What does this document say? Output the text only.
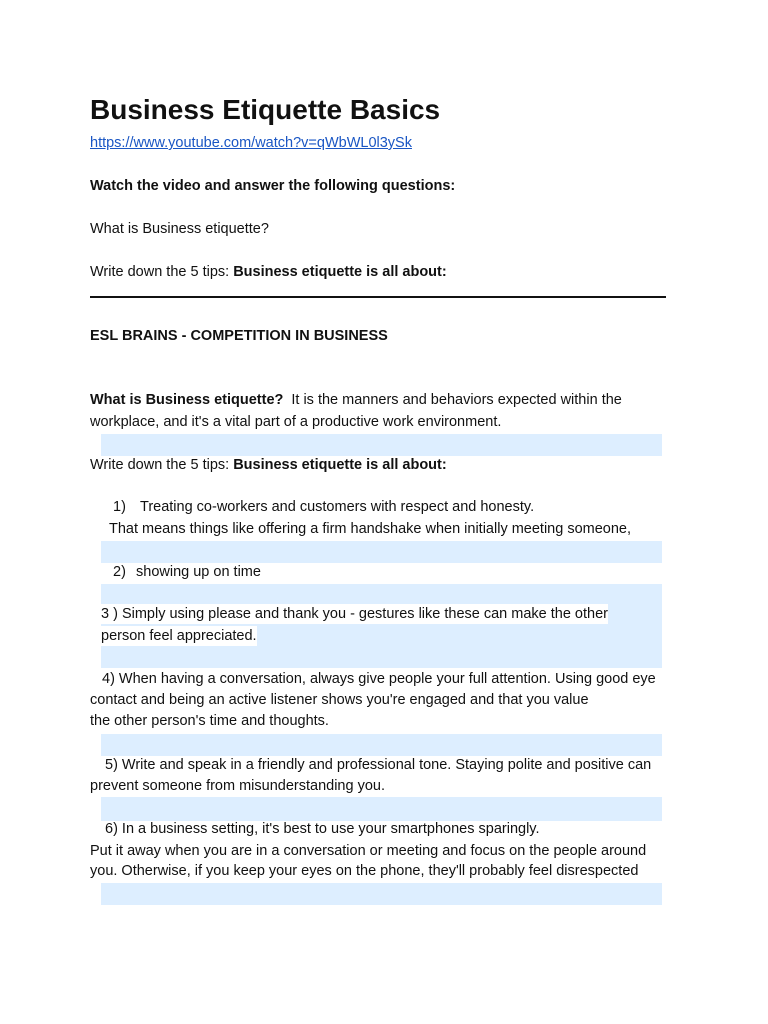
Business Etiquette Basics
https://www.youtube.com/watch?v=qWbWL0l3ySk
Watch the video and answer the following questions:
What is Business etiquette?
Write down the 5 tips: Business etiquette is all about:
ESL BRAINS - COMPETITION IN BUSINESS
What is Business etiquette? It is the manners and behaviors expected within the
workplace, and it's a vital part of a productive work environment.
Write down the 5 tips: Business etiquette is all about:
1) Treating co-workers and customers with respect and honesty.
That means things like offering a firm handshake when initially meeting someone,
2) showing up on time
3 ) Simply using please and thank you - gestures like these can make the other
person feel appreciated.
4) When having a conversation, always give people your full attention. Using good eye
contact and being an active listener shows you're engaged and that you value
the other person's time and thoughts.
5) Write and speak in a friendly and professional tone. Staying polite and positive can
prevent someone from misunderstanding you.
6) In a business setting, it's best to use your smartphones sparingly.
Put it away when you are in a conversation or meeting and focus on the people around
you. Otherwise, if you keep your eyes on the phone, they'll probably feel disrespected
